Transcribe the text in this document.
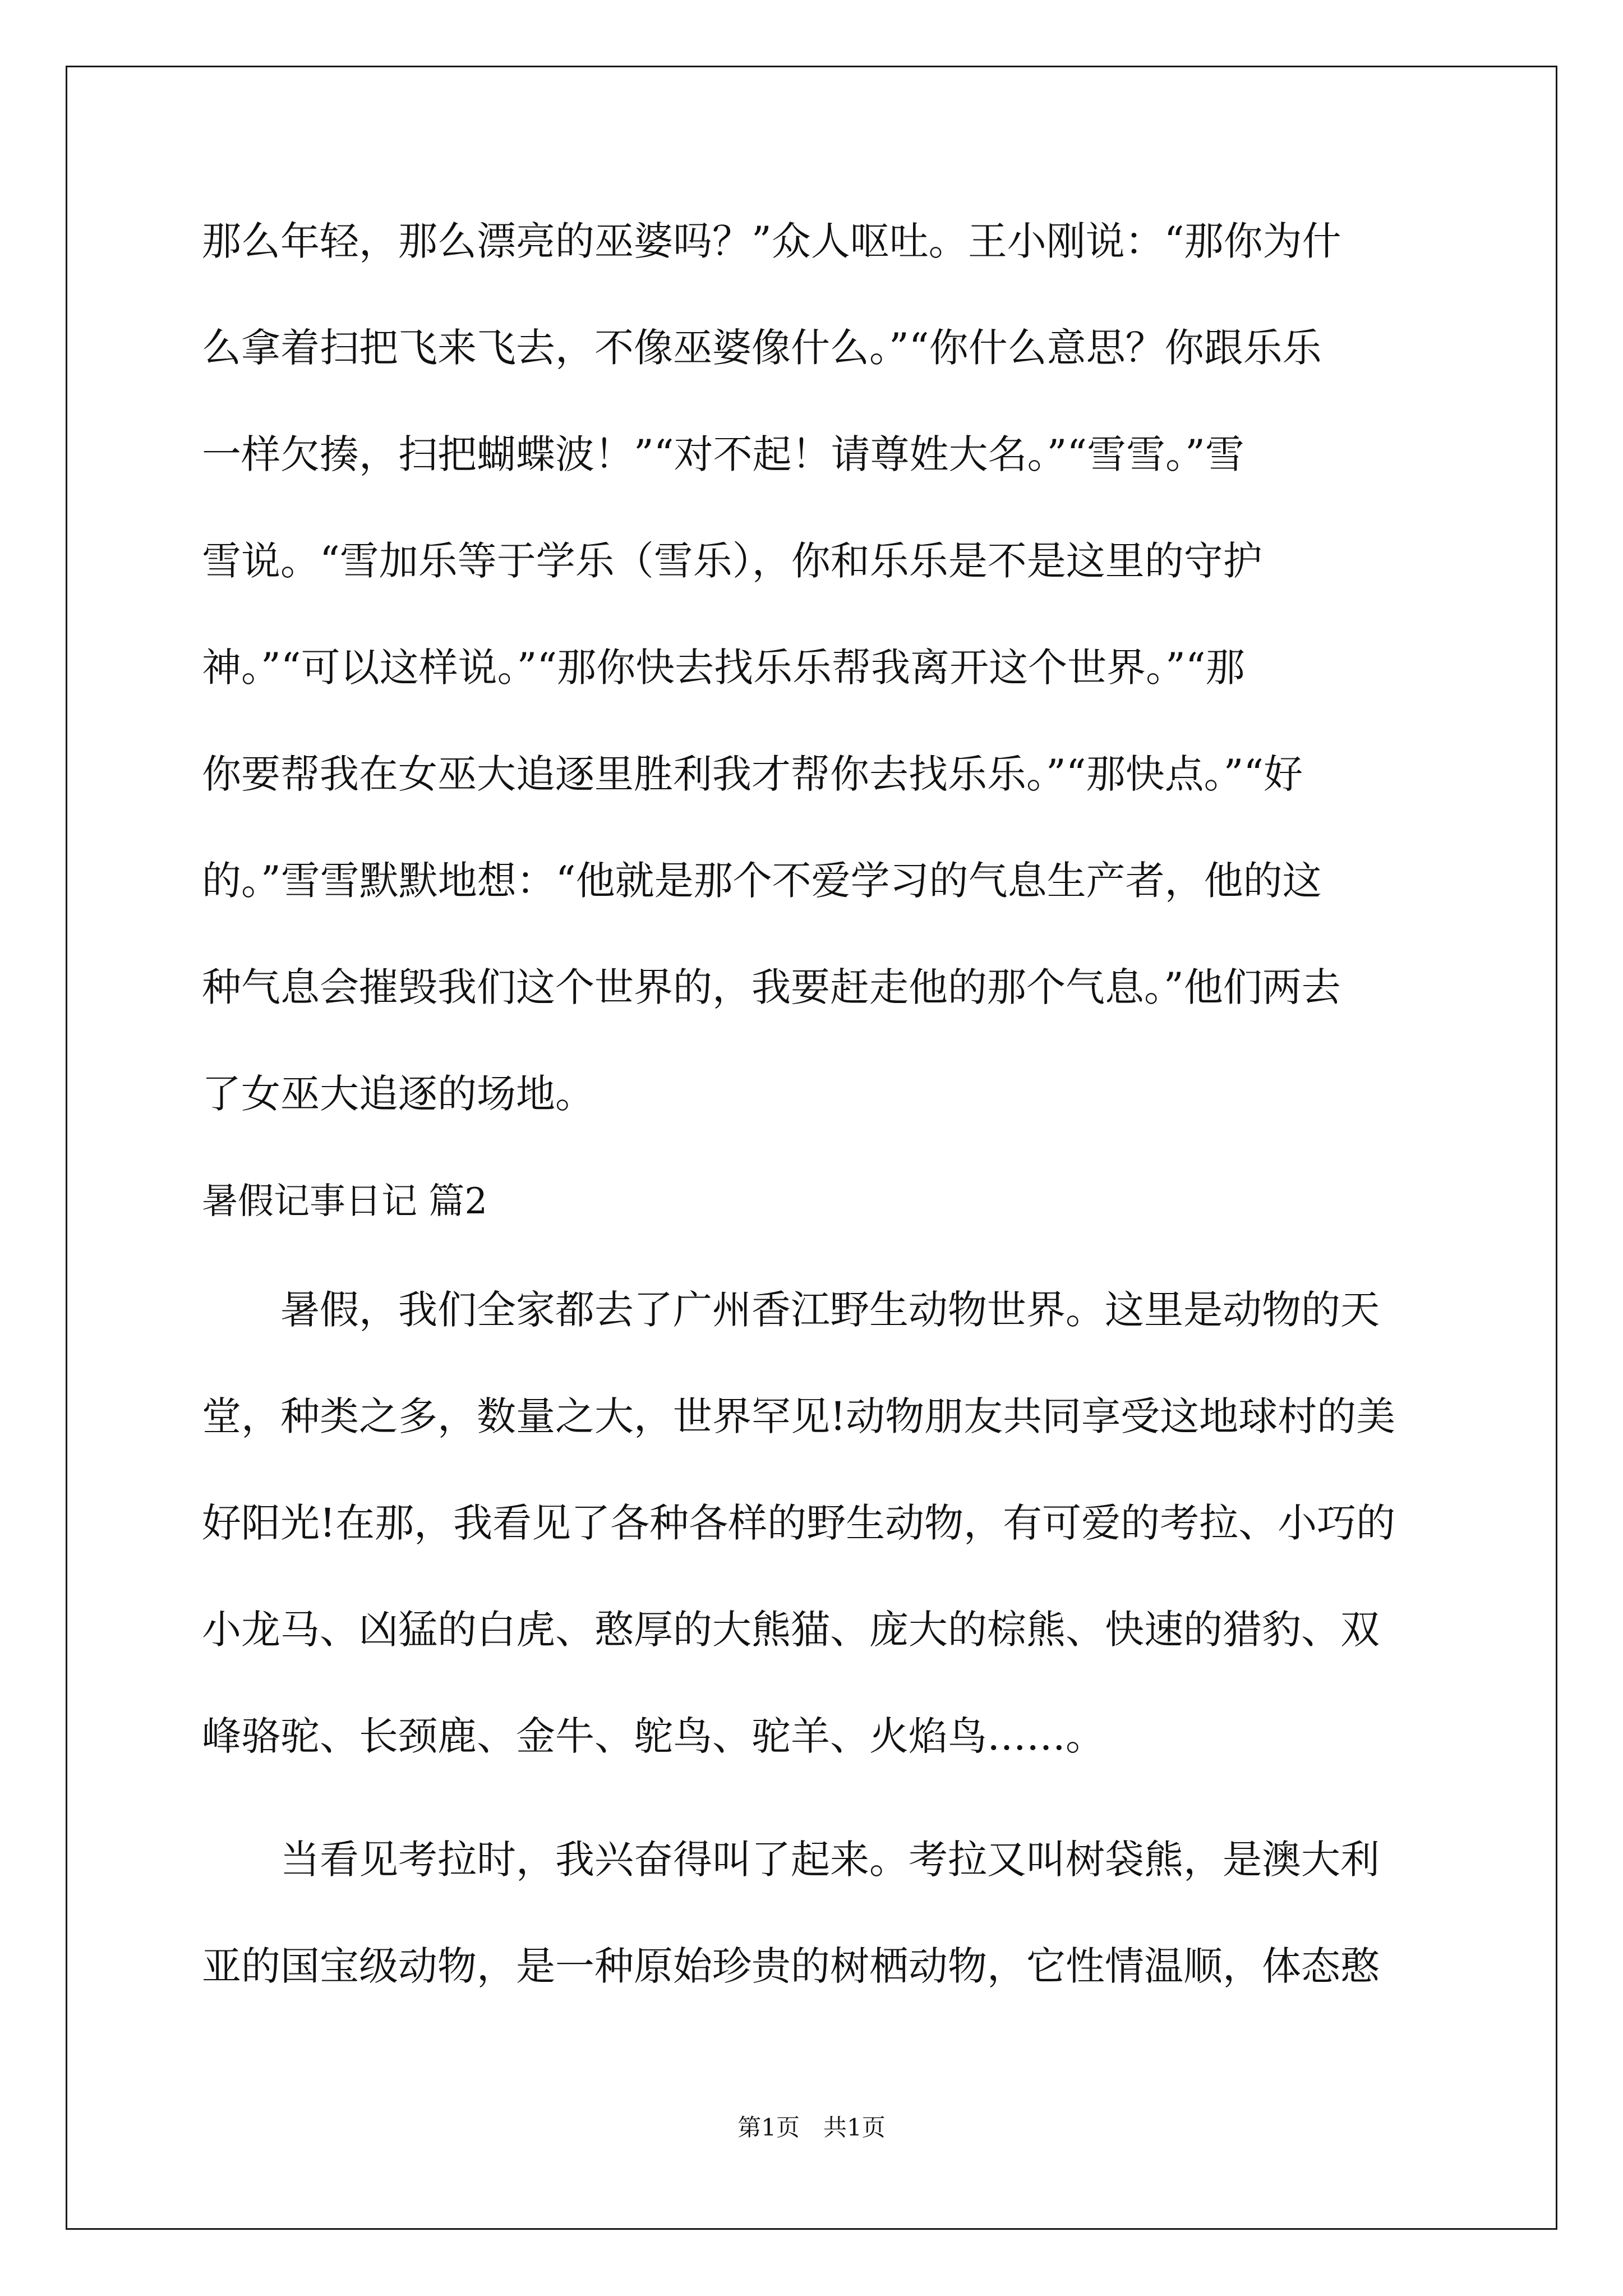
那么年轻，那么漂亮的巫婆吗？”众人呕吐。王小刚说：“那你为什
么拿着扫把飞来飞去，不像巫婆像什么。”“你什么意思？你跟乐乐
一样欠揍，扫把蝴蝶波！”“对不起！请尊姓大名。”“雪雪。”雪
雪说。“雪加乐等于学乐（雪乐），你和乐乐是不是这里的守护
神。”“可以这样说。”“那你快去找乐乐帮我离开这个世界。”“那
你要帮我在女巫大追逐里胜利我才帮你去找乐乐。”“那快点。”“好
的。”雪雪默默地想：“他就是那个不爱学习的气息生产者，他的这
种气息会摧毁我们这个世界的，我要赶走他的那个气息。”他们两去
了女巫大追逐的场地。
暑假记事日记 篇2
暑假，我们全家都去了广州香江野生动物世界。这里是动物的天
堂，种类之多，数量之大，世界罕见!动物朋友共同享受这地球村的美
好阳光!在那，我看见了各种各样的野生动物，有可爱的考拉、小巧的
小龙马、凶猛的白虎、憨厚的大熊猫、庞大的棕熊、快速的猎豹、双
峰骆驼、长颈鹿、金牛、鸵鸟、驼羊、火焰鸟……。
当看见考拉时，我兴奋得叫了起来。考拉又叫树袋熊，是澳大利
亚的国宝级动物，是一种原始珍贵的树栖动物，它性情温顺，体态憨
第1页　共1页
